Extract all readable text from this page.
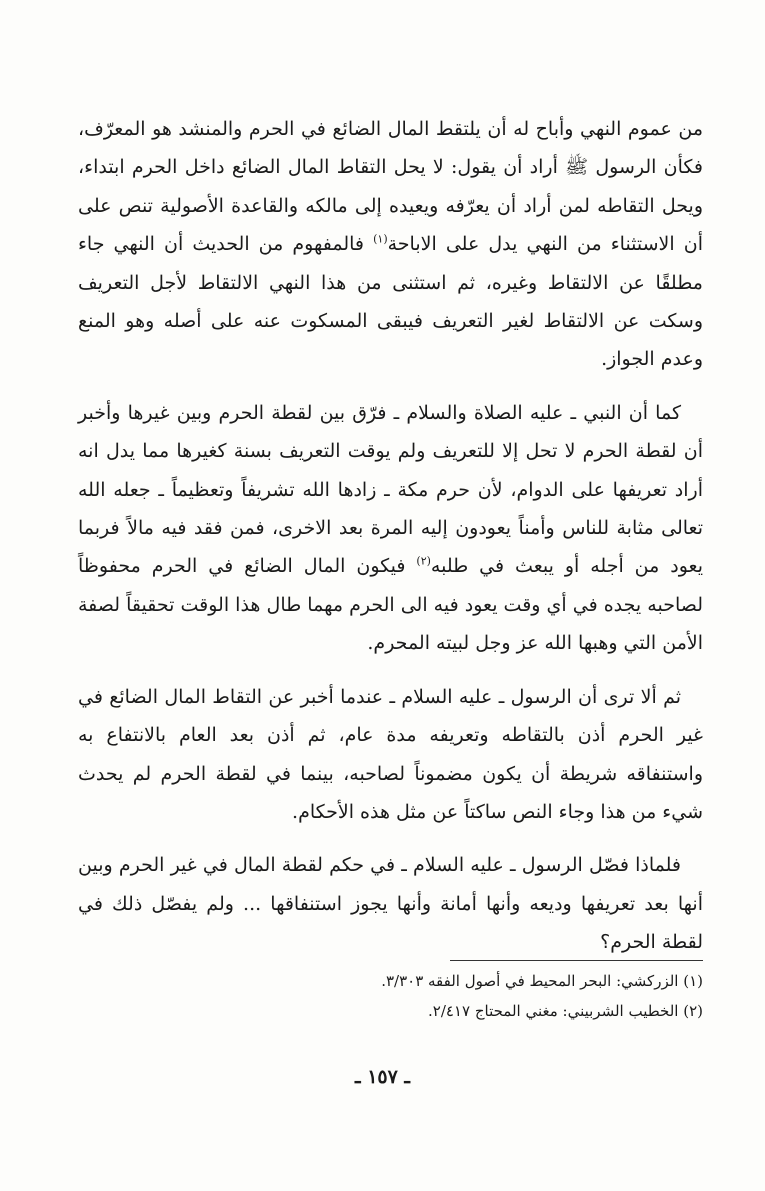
من عموم النهي وأباح له أن يلتقط المال الضائع في الحرم والمنشد هو المعرّف، فكأن الرسول ﷺ أراد أن يقول: لا يحل التقاط المال الضائع داخل الحرم ابتداء، ويحل التقاطه لمن أراد أن يعرّفه ويعيده إلى مالكه والقاعدة الأصولية تنص على أن الاستثناء من النهي يدل على الاباحة$^{(١)}$ فالمفهوم من الحديث أن النهي جاء مطلقًا عن الالتقاط وغيره، ثم استثنى من هذا النهي الالتقاط لأجل التعريف وسكت عن الالتقاط لغير التعريف فيبقى المسكوت عنه على أصله وهو المنع وعدم الجواز.

كما أن النبي ـ عليه الصلاة والسلام ـ فرّق بين لقطة الحرم وبين غيرها وأخبر أن لقطة الحرم لا تحل إلا للتعريف ولم يوقت التعريف بسنة كغيرها مما يدل انه أراد تعريفها على الدوام، لأن حرم مكة ـ زادها الله تشريفاً وتعظيماً ـ جعله الله تعالى مثابة للناس وأمناً يعودون إليه المرة بعد الاخرى، فمن فقد فيه مالاً فربما يعود من أجله أو يبعث في طلبه$^{(٢)}$ فيكون المال الضائع في الحرم محفوظاً لصاحبه يجده في أي وقت يعود فيه الى الحرم مهما طال هذا الوقت تحقيقاً لصفة الأمن التي وهبها الله عز وجل لبيته المحرم.

ثم ألا ترى أن الرسول ـ عليه السلام ـ عندما أخبر عن التقاط المال الضائع في غير الحرم أذن بالتقاطه وتعريفه مدة عام، ثم أذن بعد العام بالانتفاع به واستنفاقه شريطة أن يكون مضموناً لصاحبه، بينما في لقطة الحرم لم يحدث شيء من هذا وجاء النص ساكتاً عن مثل هذه الأحكام.

فلماذا فصّل الرسول ـ عليه السلام ـ في حكم لقطة المال في غير الحرم وبين أنها بعد تعريفها وديعه وأنها أمانة وأنها يجوز استنفاقها ... ولم يفصّل ذلك في لقطة الحرم؟

(١) الزركشي: البحر المحيط في أصول الفقه ٣/٣٠٣.

(٢) الخطيب الشربيني: مغني المحتاج ٢/٤١٧.

ـ ١٥٧ ـ
